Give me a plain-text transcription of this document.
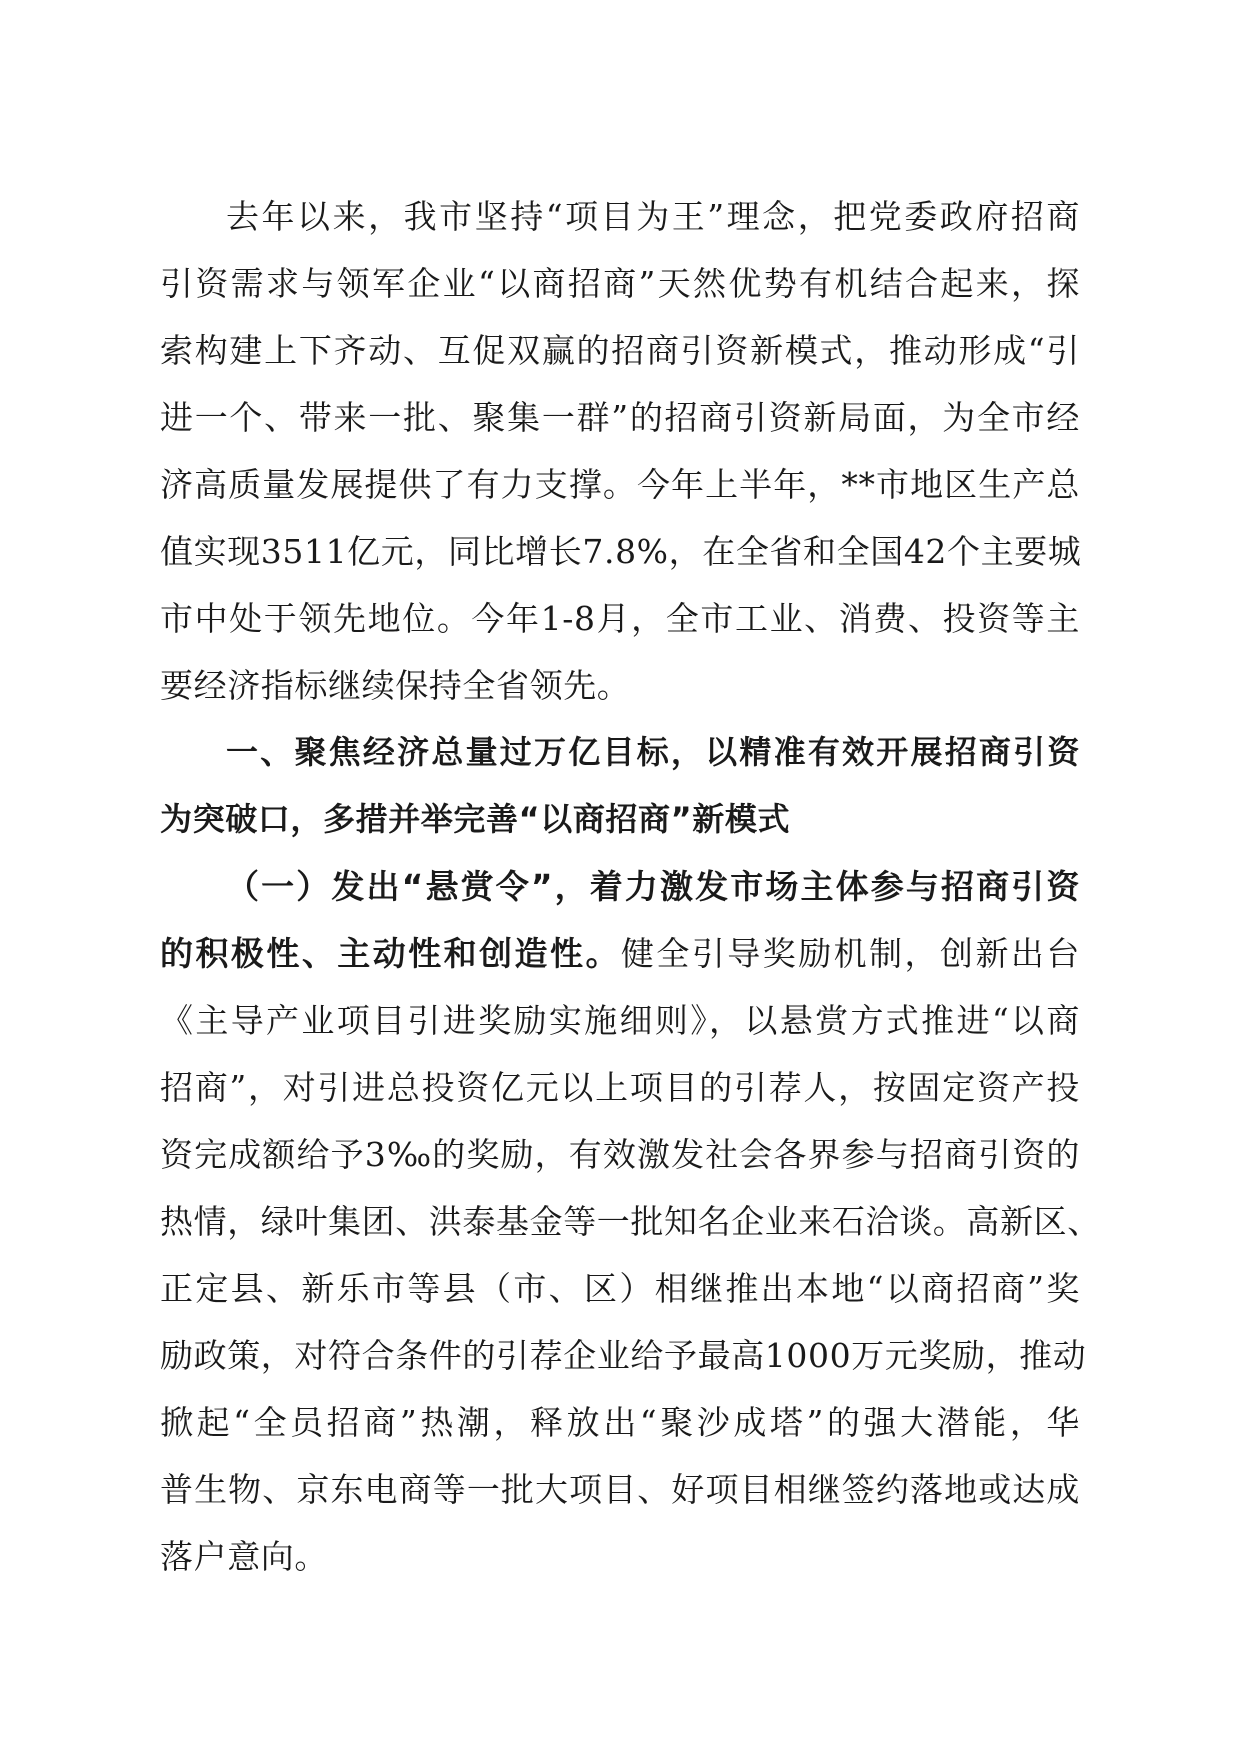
去年以来，我市坚持“项目为王”理念，把党委政府招商
引资需求与领军企业“以商招商”天然优势有机结合起来，探
索构建上下齐动、互促双赢的招商引资新模式，推动形成“引
进一个、带来一批、聚集一群”的招商引资新局面，为全市经
济高质量发展提供了有力支撑。今年上半年，**市地区生产总
值实现3511亿元，同比增长7.8%，在全省和全国42个主要城
市中处于领先地位。今年1-8月，全市工业、消费、投资等主
要经济指标继续保持全省领先。
一、聚焦经济总量过万亿目标，以精准有效开展招商引资
为突破口，多措并举完善“以商招商”新模式
（一）发出“悬赏令”，着力激发市场主体参与招商引资
的积极性、主动性和创造性。健全引导奖励机制，创新出台
《主导产业项目引进奖励实施细则》，以悬赏方式推进“以商
招商”，对引进总投资亿元以上项目的引荐人，按固定资产投
资完成额给予3‰的奖励，有效激发社会各界参与招商引资的
热情，绿叶集团、洪泰基金等一批知名企业来石洽谈。高新区、
正定县、新乐市等县（市、区）相继推出本地“以商招商”奖
励政策，对符合条件的引荐企业给予最高1000万元奖励，推动
掀起“全员招商”热潮，释放出“聚沙成塔”的强大潜能，华
普生物、京东电商等一批大项目、好项目相继签约落地或达成
落户意向。
